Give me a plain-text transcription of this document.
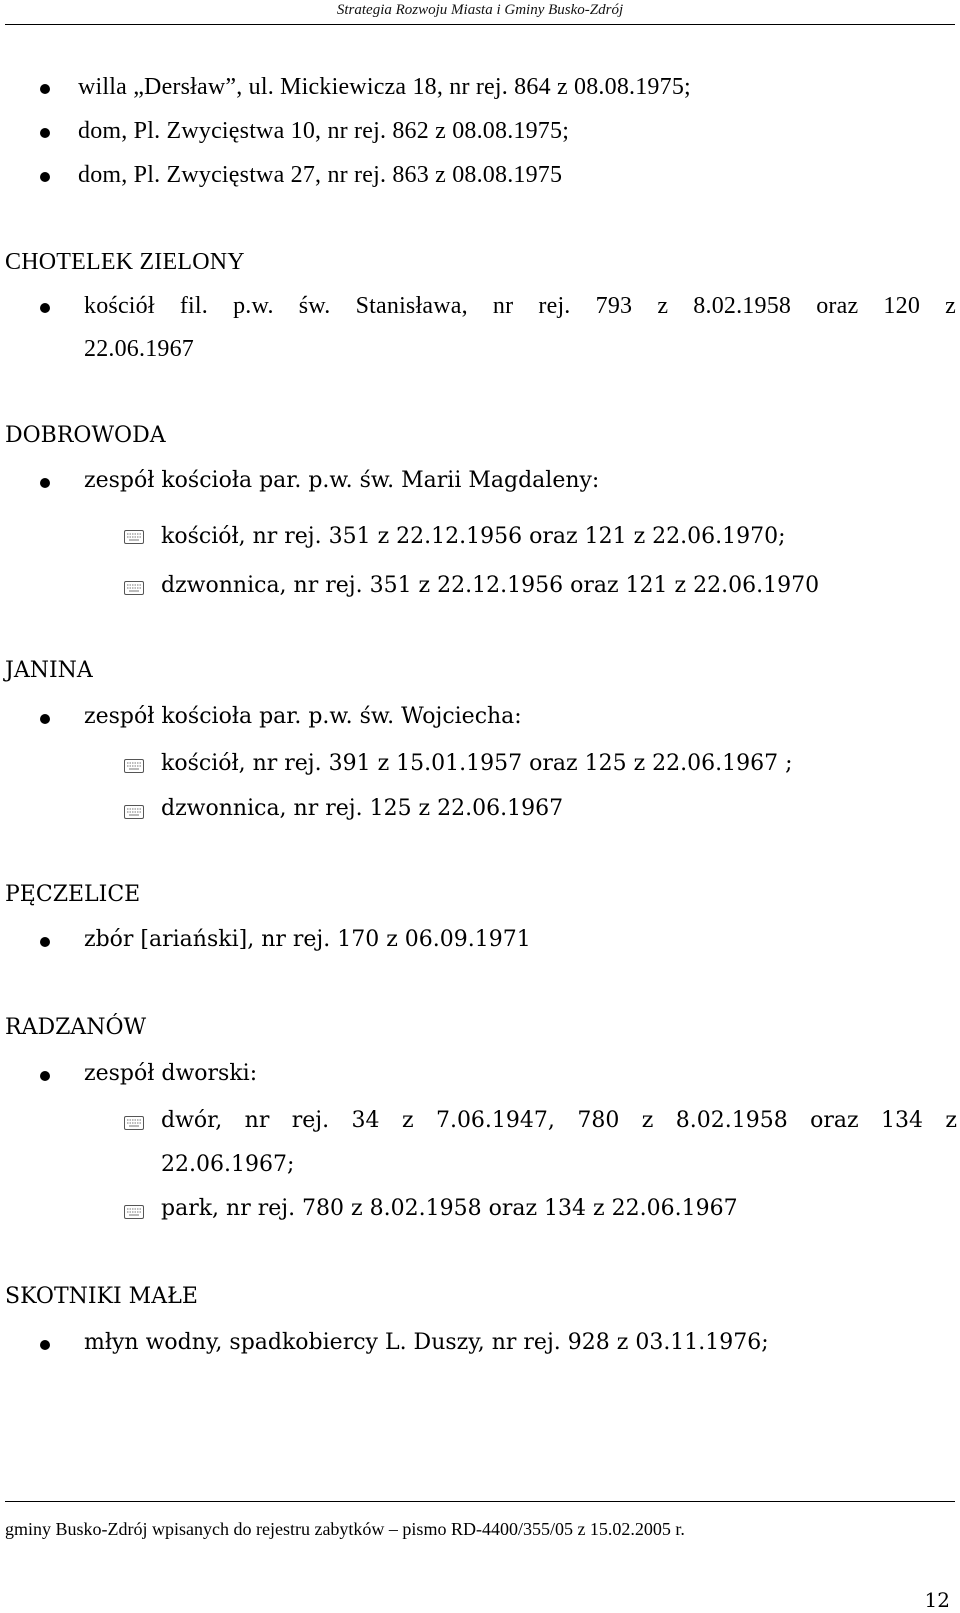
Strategia Rozwoju Miasta i Gminy Busko-Zdrój
willa „Dersław”, ul. Mickiewicza 18, nr rej. 864 z 08.08.1975;
dom, Pl. Zwycięstwa 10, nr rej. 862 z 08.08.1975;
dom, Pl. Zwycięstwa 27, nr rej. 863 z 08.08.1975
CHOTELEK ZIELONY
kościół fil. p.w. św. Stanisława, nr rej. 793 z 8.02.1958 oraz 120 z
22.06.1967
DOBROWODA
zespół kościoła par. p.w. św. Marii Magdaleny:
kościół, nr rej. 351 z 22.12.1956 oraz 121 z 22.06.1970;
dzwonnica, nr rej. 351 z 22.12.1956 oraz 121 z 22.06.1970
JANINA
zespół kościoła par. p.w. św. Wojciecha:
kościół, nr rej. 391 z 15.01.1957 oraz 125 z 22.06.1967 ;
dzwonnica, nr rej. 125 z 22.06.1967
PĘCZELICE
zbór [ariański], nr rej. 170 z 06.09.1971
RADZANÓW
zespół dworski:
dwór, nr rej. 34 z 7.06.1947, 780 z 8.02.1958 oraz 134 z
22.06.1967;
park, nr rej. 780 z 8.02.1958 oraz 134 z 22.06.1967
SKOTNIKI MAŁE
młyn wodny, spadkobiercy L. Duszy, nr rej. 928 z 03.11.1976;
gminy Busko-Zdrój wpisanych do rejestru zabytków – pismo RD-4400/355/05 z 15.02.2005 r.
12
